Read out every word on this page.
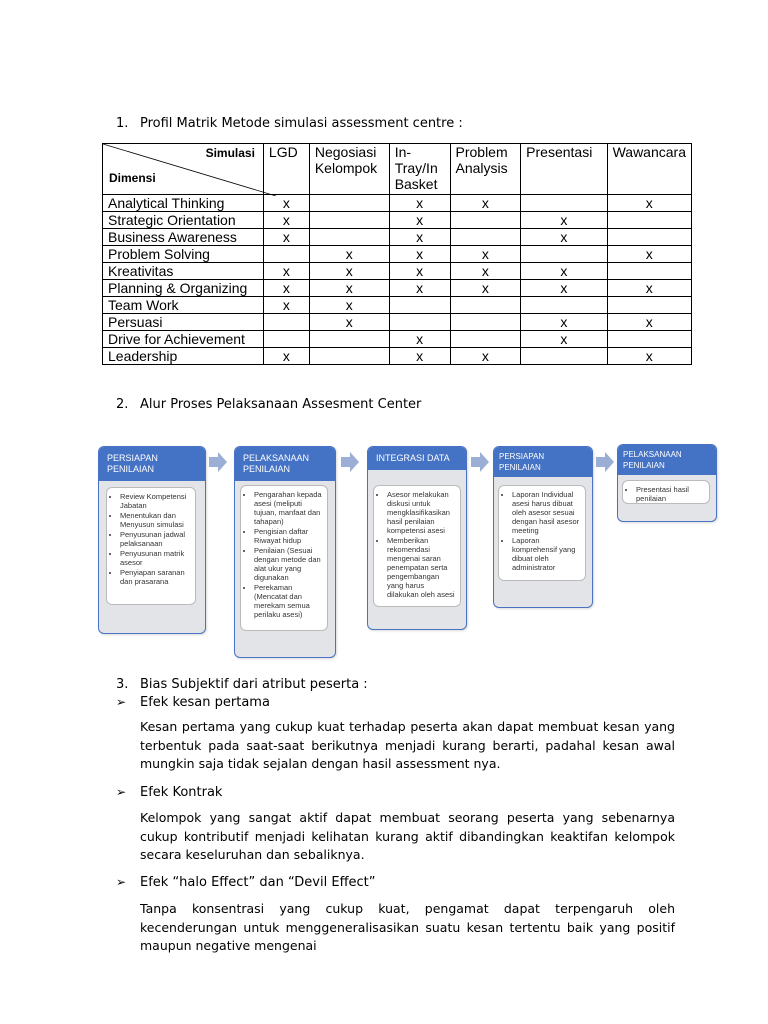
1. Profil Matrik Metode simulasi assessment centre :
Simulasi
Dimensi	LGD	Negosiasi Kelompok	In-Tray/In Basket	Problem Analysis	Presentasi	Wawancara
Analytical Thinking	x		x	x		x
Strategic Orientation	x		x		x	
Business Awareness	x		x		x	
Problem Solving		x	x	x		x
Kreativitas	x	x	x	x	x	
Planning & Organizing	x	x	x	x	x	x
Team Work	x	x				
Persuasi		x			x	x
Drive for Achievement			x		x	
Leadership	x		x	x		x
2. Alur Proses Pelaksanaan Assesment Center
PERSIAPAN PENILAIAN
• Review Kompetensi Jabatan
• Menentukan dan Menyusun simulasi
• Penyusunan jadwal pelaksanaan
• Penyusunan matrik asesor
• Penyiapan saranan dan prasarana
PELAKSANAAN PENILAIAN
• Pengarahan kepada asesi (meliputi tujuan, manfaat dan tahapan)
• Pengisian daftar Riwayat hidup
• Penilaian (Sesuai dengan metode dan alat ukur yang digunakan
• Perekaman (Mencatat dan merekam semua perilaku asesi)
INTEGRASI DATA
• Asesor melakukan diskusi untuk mengklasifikasikan hasil penilaian kompetensi asesi
• Memberikan rekomendasi mengenai saran penempatan serta pengembangan yang harus dilakukan oleh asesi
PERSIAPAN PENILAIAN
• Laporan Individual asesi harus dibuat oleh asesor sesuai dengan hasil asesor meeting
• Laporan komprehensif yang dibuat oleh administrator
PELAKSANAAN PENILAIAN
• Presentasi hasil penilaian
3. Bias Subjektif dari atribut peserta :
➢ Efek kesan pertama
Kesan pertama yang cukup kuat terhadap peserta akan dapat membuat kesan yang terbentuk pada saat-saat berikutnya menjadi kurang berarti, padahal kesan awal mungkin saja tidak sejalan dengan hasil assessment nya.
➢ Efek Kontrak
Kelompok yang sangat aktif dapat membuat seorang peserta yang sebenarnya cukup kontributif menjadi kelihatan kurang aktif dibandingkan keaktifan kelompok secara keseluruhan dan sebaliknya.
➢ Efek “halo Effect” dan “Devil Effect”
Tanpa konsentrasi yang cukup kuat, pengamat dapat terpengaruh oleh kecenderungan untuk menggeneralisasikan suatu kesan tertentu baik yang positif maupun negative mengenai
